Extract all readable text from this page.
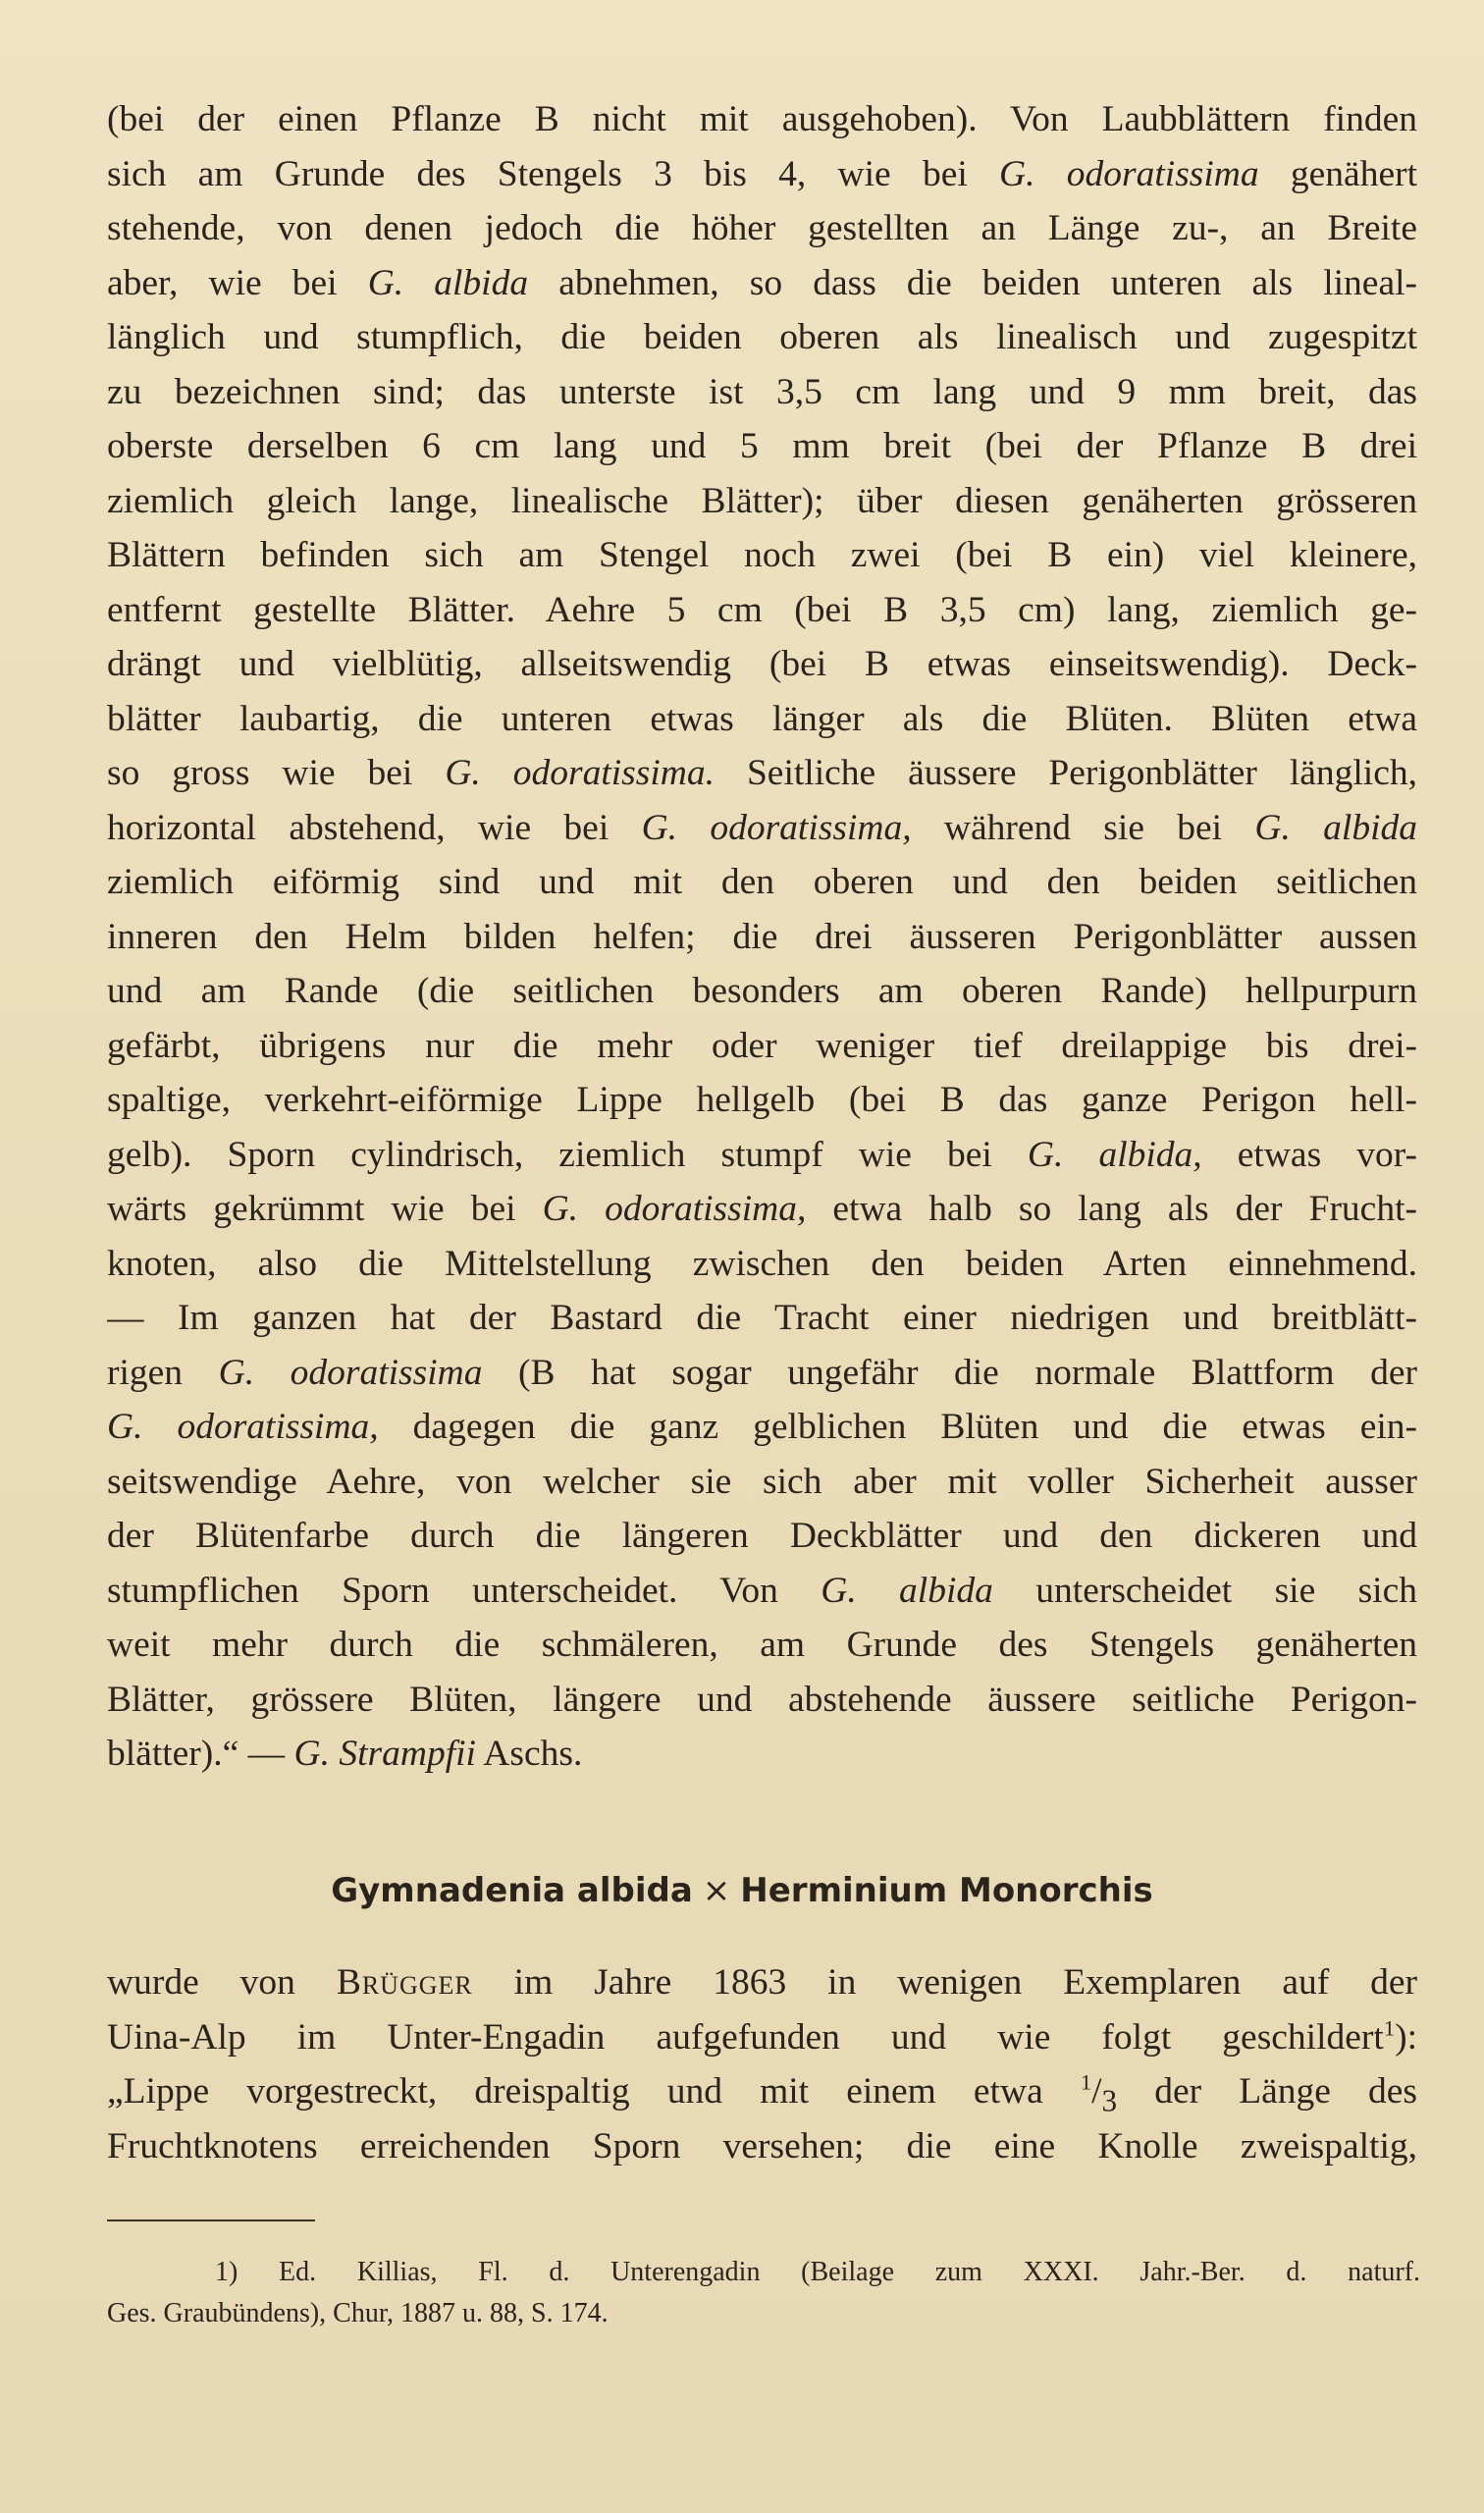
(bei der einen Pflanze B nicht mit ausgehoben). Von Laubblättern finden
sich am Grunde des Stengels 3 bis 4, wie bei G. odoratissima genähert
stehende, von denen jedoch die höher gestellten an Länge zu-, an Breite
aber, wie bei G. albida abnehmen, so dass die beiden unteren als lineal-
länglich und stumpflich, die beiden oberen als linealisch und zugespitzt
zu bezeichnen sind; das unterste ist 3,5 cm lang und 9 mm breit, das
oberste derselben 6 cm lang und 5 mm breit (bei der Pflanze B drei
ziemlich gleich lange, linealische Blätter); über diesen genäherten grösseren
Blättern befinden sich am Stengel noch zwei (bei B ein) viel kleinere,
entfernt gestellte Blätter. Aehre 5 cm (bei B 3,5 cm) lang, ziemlich ge-
drängt und vielblütig, allseitswendig (bei B etwas einseitswendig). Deck-
blätter laubartig, die unteren etwas länger als die Blüten. Blüten etwa
so gross wie bei G. odoratissima. Seitliche äussere Perigonblätter länglich,
horizontal abstehend, wie bei G. odoratissima, während sie bei G. albida
ziemlich eiförmig sind und mit den oberen und den beiden seitlichen
inneren den Helm bilden helfen; die drei äusseren Perigonblätter aussen
und am Rande (die seitlichen besonders am oberen Rande) hellpurpurn
gefärbt, übrigens nur die mehr oder weniger tief dreilappige bis drei-
spaltige, verkehrt-eiförmige Lippe hellgelb (bei B das ganze Perigon hell-
gelb). Sporn cylindrisch, ziemlich stumpf wie bei G. albida, etwas vor-
wärts gekrümmt wie bei G. odoratissima, etwa halb so lang als der Frucht-
knoten, also die Mittelstellung zwischen den beiden Arten einnehmend.
— Im ganzen hat der Bastard die Tracht einer niedrigen und breitblätt-
rigen G. odoratissima (B hat sogar ungefähr die normale Blattform der
G. odoratissima, dagegen die ganz gelblichen Blüten und die etwas ein-
seitswendige Aehre, von welcher sie sich aber mit voller Sicherheit ausser
der Blütenfarbe durch die längeren Deckblätter und den dickeren und
stumpflichen Sporn unterscheidet. Von G. albida unterscheidet sie sich
weit mehr durch die schmäleren, am Grunde des Stengels genäherten
Blätter, grössere Blüten, längere und abstehende äussere seitliche Perigon-
blätter).“ — G. Strampfii Aschs.
Gymnadenia albida × Herminium Monorchis
wurde von Brügger im Jahre 1863 in wenigen Exemplaren auf der
Uina-Alp im Unter-Engadin aufgefunden und wie folgt geschildert$^1$):
„Lippe vorgestreckt, dreispaltig und mit einem etwa $^1/_3$ der Länge des
Fruchtknotens erreichenden Sporn versehen; die eine Knolle zweispaltig,
1) Ed. Killias, Fl. d. Unterengadin (Beilage zum XXXI. Jahr.-Ber. d. naturf.
Ges. Graubündens), Chur, 1887 u. 88, S. 174.
